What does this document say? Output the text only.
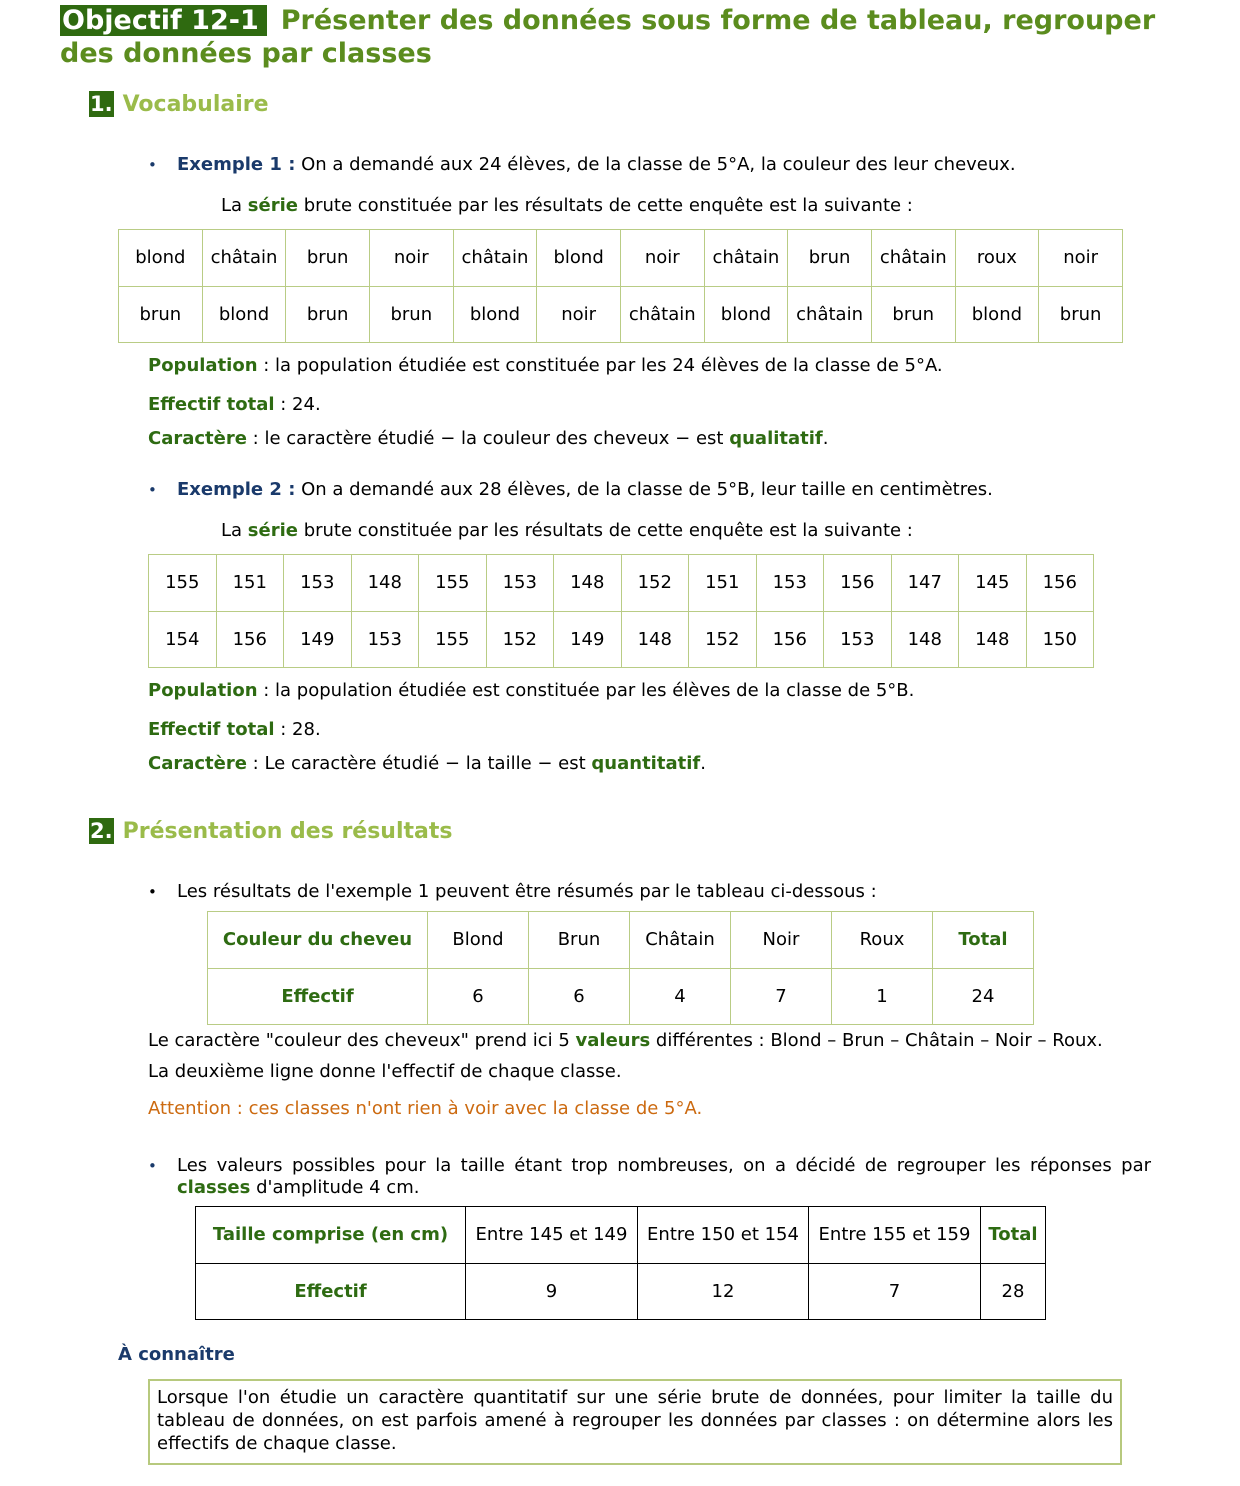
Objectif 12-1 Présenter des données sous forme de tableau, regrouper des données par classes
1. Vocabulaire
• Exemple 1 : On a demandé aux 24 élèves, de la classe de 5°A, la couleur des leur cheveux.
La série brute constituée par les résultats de cette enquête est la suivante :
blond	châtain	brun	noir	châtain	blond	noir	châtain	brun	châtain	roux	noir
brun	blond	brun	brun	blond	noir	châtain	blond	châtain	brun	blond	brun
Population : la population étudiée est constituée par les 24 élèves de la classe de 5°A.
Effectif total : 24.
Caractère : le caractère étudié − la couleur des cheveux − est qualitatif.
• Exemple 2 : On a demandé aux 28 élèves, de la classe de 5°B, leur taille en centimètres.
La série brute constituée par les résultats de cette enquête est la suivante :
155	151	153	148	155	153	148	152	151	153	156	147	145	156
154	156	149	153	155	152	149	148	152	156	153	148	148	150
Population : la population étudiée est constituée par les élèves de la classe de 5°B.
Effectif total : 28.
Caractère : Le caractère étudié − la taille − est quantitatif.
2. Présentation des résultats
• Les résultats de l'exemple 1 peuvent être résumés par le tableau ci-dessous :
Couleur du cheveu	Blond	Brun	Châtain	Noir	Roux	Total
Effectif	6	6	4	7	1	24
Le caractère "couleur des cheveux" prend ici 5 valeurs différentes : Blond – Brun – Châtain – Noir – Roux.
La deuxième ligne donne l'effectif de chaque classe.
Attention : ces classes n'ont rien à voir avec la classe de 5°A.
• Les valeurs possibles pour la taille étant trop nombreuses, on a décidé de regrouper les réponses par
classes d'amplitude 4 cm.
Taille comprise (en cm)	Entre 145 et 149	Entre 150 et 154	Entre 155 et 159	Total
Effectif	9	12	7	28
À connaître
Lorsque l'on étudie un caractère quantitatif sur une série brute de données, pour limiter la taille du tableau de données, on est parfois amené à regrouper les données par classes : on détermine alors les effectifs de chaque classe.
